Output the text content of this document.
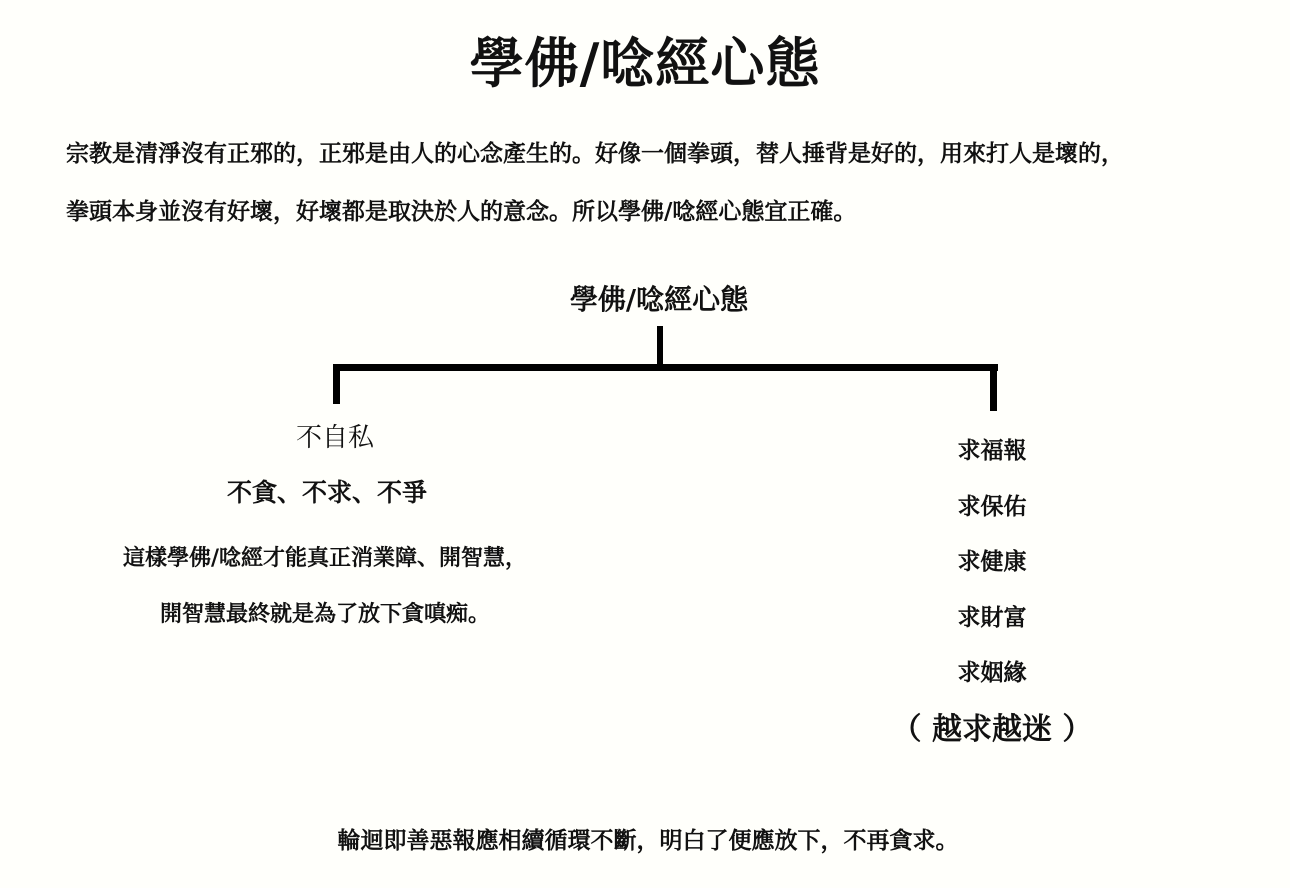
學佛/唸經心態
宗教是清淨沒有正邪的，正邪是由人的心念產生的。好像一個拳頭，替人捶背是好的，用來打人是壞的，
拳頭本身並沒有好壞，好壞都是取決於人的意念。所以學佛/唸經心態宜正確。
學佛/唸經心態
不自私
不貪、不求、不爭
這樣學佛/唸經才能真正消業障、開智慧，
開智慧最終就是為了放下貪嗔痴。
求福報
求保佑
求健康
求財富
求姻緣
（ 越求越迷 ）
輪迴即善惡報應相續循環不斷，明白了便應放下，不再貪求。
